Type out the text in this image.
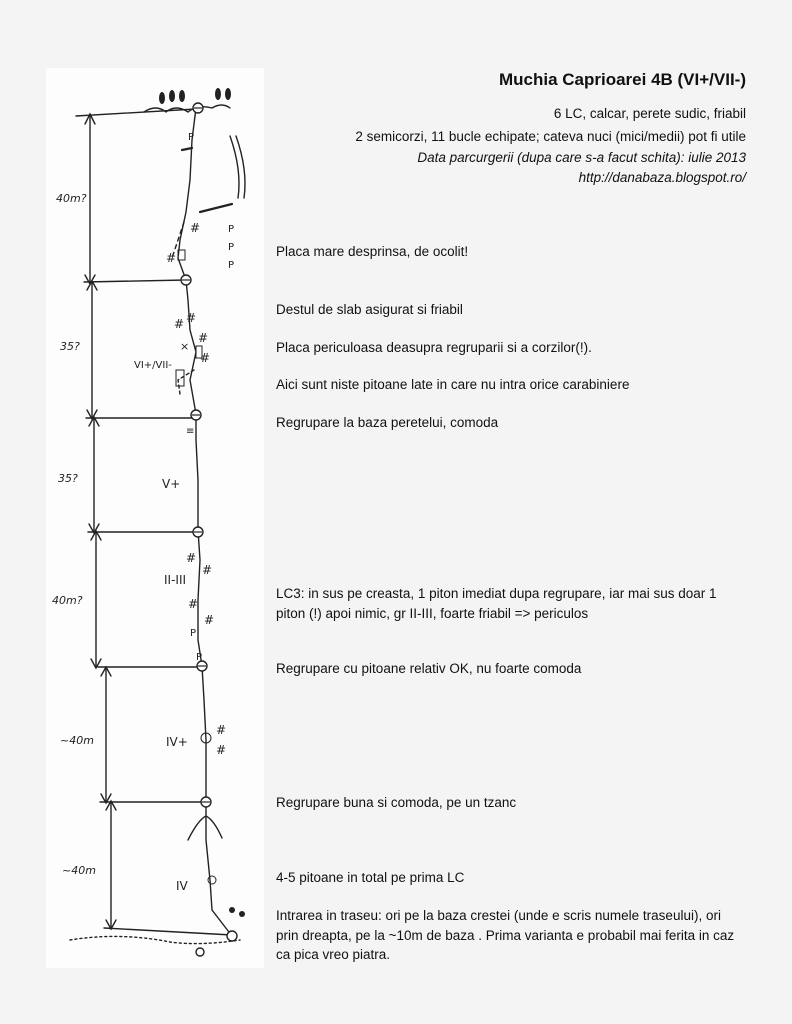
P
#
#
P
P
P
# #
#
#
×
≡
#
#
#
#
P
P
#
#
40m?
35?
35?
40m?
~40m
~40m
VI+/VII-
V+
II-III
IV+
IV
Muchia Caprioarei 4B (VI+/VII-)
6 LC, calcar, perete sudic, friabil
2 semicorzi, 11 bucle echipate; cateva nuci (mici/medii) pot fi utile
Data parcurgerii (dupa care s-a facut schita): iulie 2013
http://danabaza.blogspot.ro/
Placa mare desprinsa, de ocolit!
Destul de slab asigurat si friabil
Placa periculoasa deasupra regruparii si a corzilor(!).
Aici sunt niste pitoane late in care nu intra orice carabiniere
Regrupare la baza peretelui, comoda
LC3: in sus pe creasta, 1 piton imediat dupa regrupare, iar mai sus doar 1 piton (!) apoi nimic, gr II-III, foarte friabil => periculos
Regrupare cu pitoane relativ OK, nu foarte comoda
Regrupare buna si comoda, pe un tzanc
4-5 pitoane in total pe prima LC
Intrarea in traseu: ori pe la baza crestei (unde e scris numele traseului), ori prin dreapta, pe la ~10m de baza . Prima varianta e probabil mai ferita in caz ca pica vreo piatra.
